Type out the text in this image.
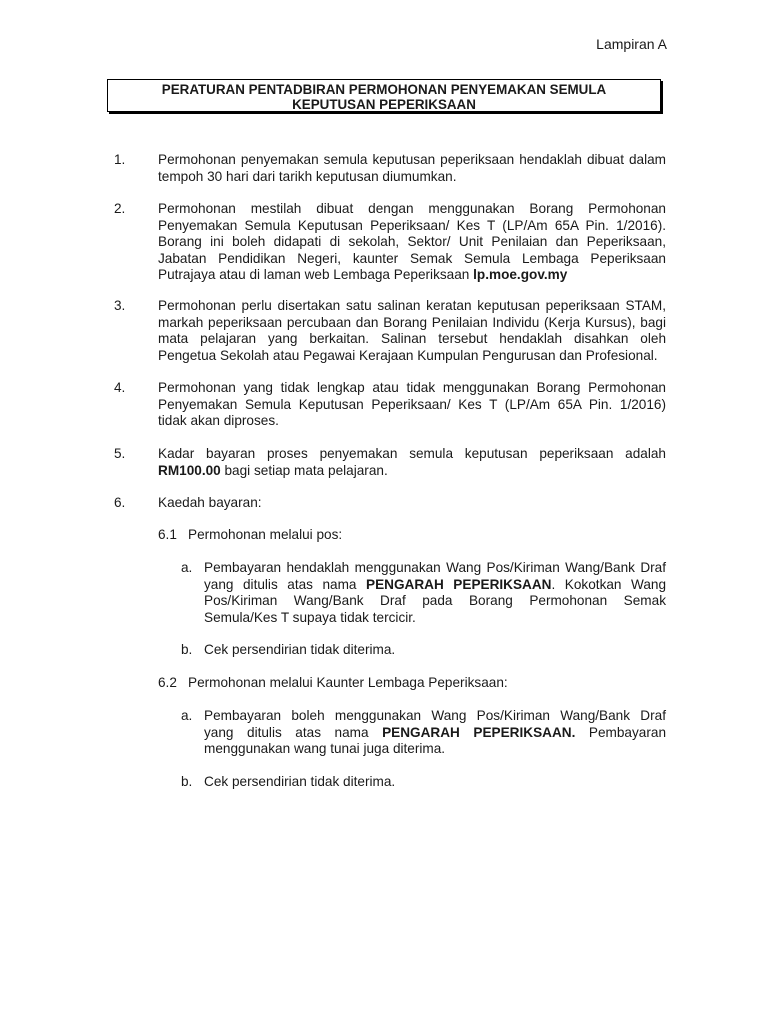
Lampiran A
PERATURAN PENTADBIRAN PERMOHONAN PENYEMAKAN SEMULA
KEPUTUSAN PEPERIKSAAN
1. Permohonan penyemakan semula keputusan peperiksaan hendaklah dibuat dalam
tempoh 30 hari dari tarikh keputusan diumumkan.
2. Permohonan mestilah dibuat dengan menggunakan Borang Permohonan
Penyemakan Semula Keputusan Peperiksaan/ Kes T (LP/Am 65A Pin. 1/2016).
Borang ini boleh didapati di sekolah, Sektor/ Unit Penilaian dan Peperiksaan,
Jabatan Pendidikan Negeri, kaunter Semak Semula Lembaga Peperiksaan
Putrajaya atau di laman web Lembaga Peperiksaan lp.moe.gov.my
3. Permohonan perlu disertakan satu salinan keratan keputusan peperiksaan STAM,
markah peperiksaan percubaan dan Borang Penilaian Individu (Kerja Kursus), bagi
mata pelajaran yang berkaitan. Salinan tersebut hendaklah disahkan oleh
Pengetua Sekolah atau Pegawai Kerajaan Kumpulan Pengurusan dan Profesional.
4. Permohonan yang tidak lengkap atau tidak menggunakan Borang Permohonan
Penyemakan Semula Keputusan Peperiksaan/ Kes T (LP/Am 65A Pin. 1/2016)
tidak akan diproses.
5. Kadar bayaran proses penyemakan semula keputusan peperiksaan adalah
RM100.00 bagi setiap mata pelajaran.
6. Kaedah bayaran:
6.1 Permohonan melalui pos:
a. Pembayaran hendaklah menggunakan Wang Pos/Kiriman Wang/Bank Draf
yang ditulis atas nama PENGARAH PEPERIKSAAN. Kokotkan Wang
Pos/Kiriman Wang/Bank Draf pada Borang Permohonan Semak
Semula/Kes T supaya tidak tercicir.
b. Cek persendirian tidak diterima.
6.2 Permohonan melalui Kaunter Lembaga Peperiksaan:
a. Pembayaran boleh menggunakan Wang Pos/Kiriman Wang/Bank Draf
yang ditulis atas nama PENGARAH PEPERIKSAAN. Pembayaran
menggunakan wang tunai juga diterima.
b. Cek persendirian tidak diterima.
